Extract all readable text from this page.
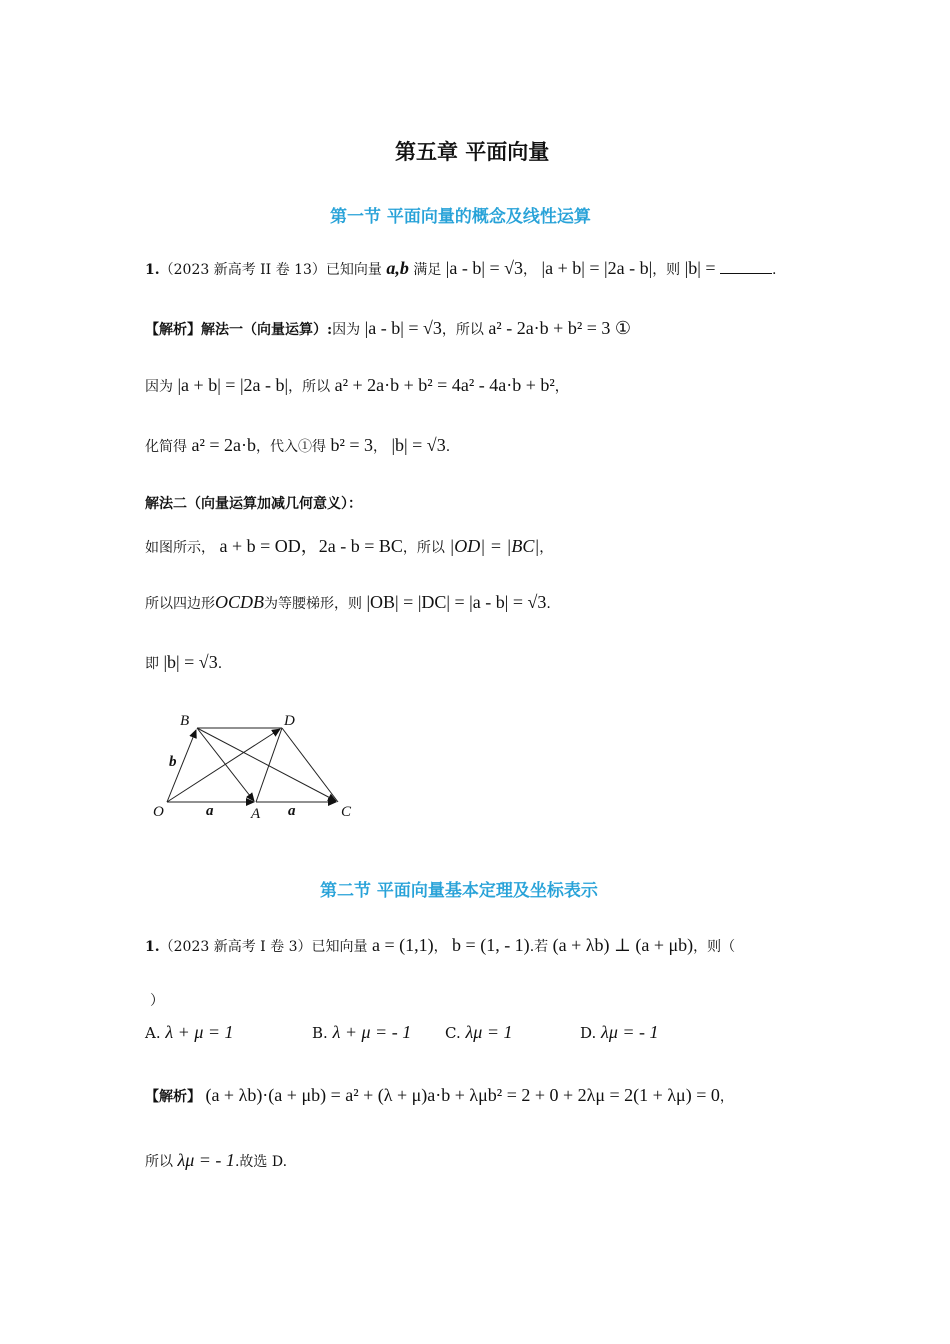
第五章 平面向量
第一节 平面向量的概念及线性运算
1.（2023 新高考 II 卷 13）已知向量 a,b 满足 |a - b| = √3， |a + b| = |2a - b|，则 |b| =	.
【解析】解法一（向量运算）:因为 |a - b| = √3，所以 a² - 2a·b + b² = 3 ①
因为 |a + b| = |2a - b|，所以 a² + 2a·b + b² = 4a² - 4a·b + b²，
化简得 a² = 2a·b，代入①得 b² = 3， |b| = √3.
解法二（向量运算加减几何意义）：
如图所示， a + b = OD，2a - b = BC，所以 |OD| = |BC|，
所以四边形OCDB为等腰梯形，则 |OB| = |DC| = |a - b| = √3.
即 |b| = √3.
B	D
O	A	C
b
a	a
第二节 平面向量基本定理及坐标表示
1.（2023 新高考 I 卷 3）已知向量 a = (1,1)， b = (1, - 1).若 (a + λb) ⊥ (a + μb)，则（
）
A. λ + μ = 1	B. λ + μ = - 1 C. λμ = 1	D. λμ = - 1
【解析】 (a + λb)·(a + μb) = a² + (λ + μ)a·b + λμb² = 2 + 0 + 2λμ = 2(1 + λμ) = 0，
所以 λμ = - 1.故选 D.
